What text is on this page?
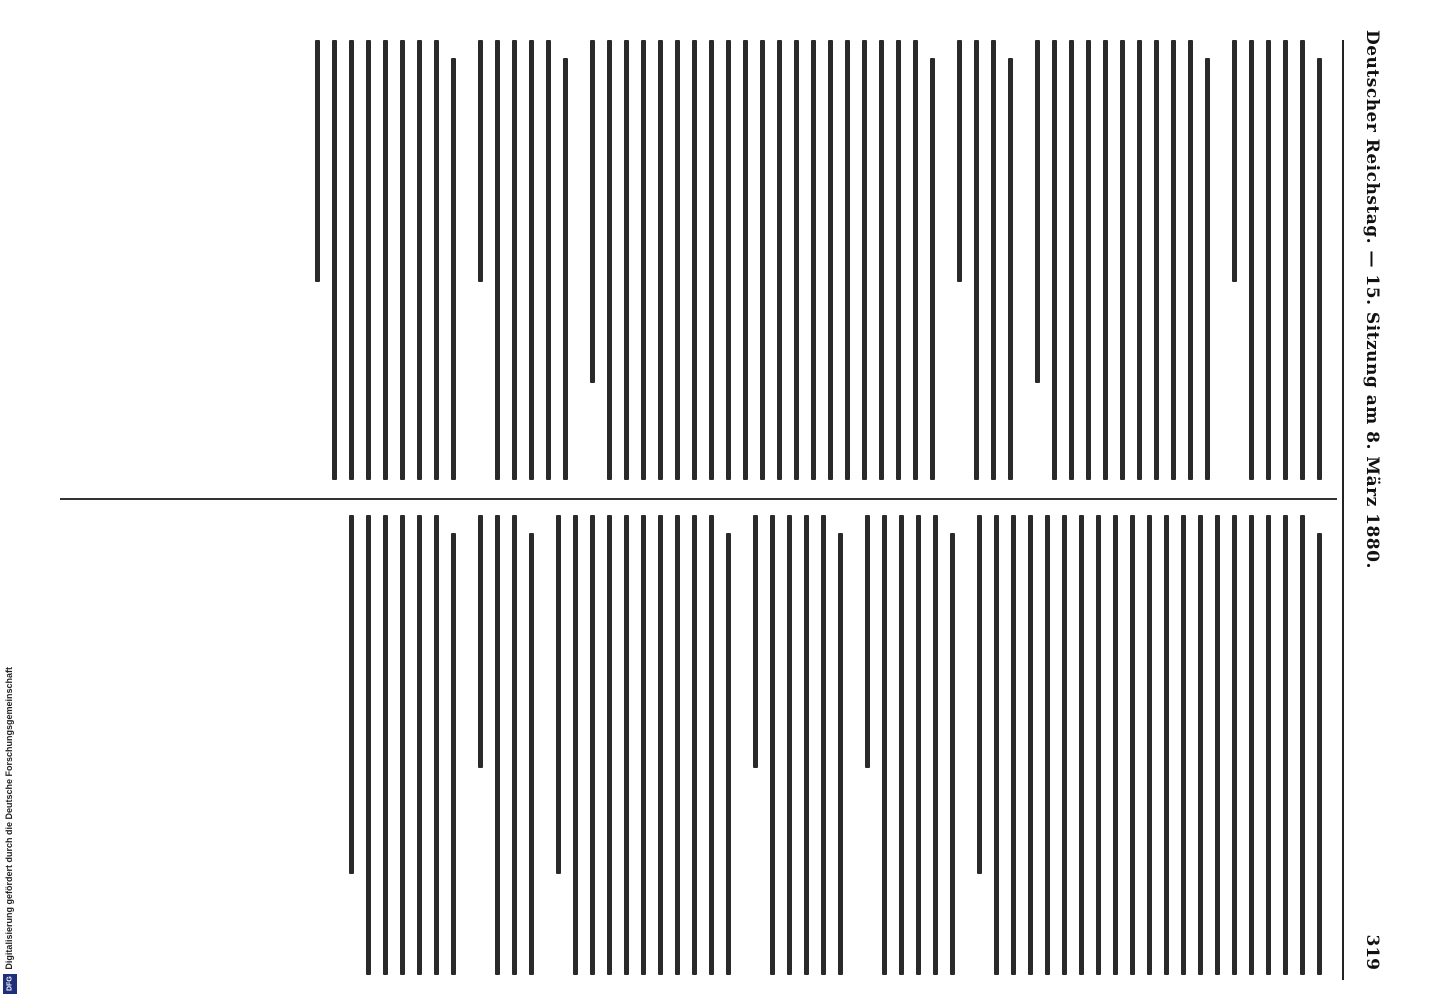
Digitalisierung gefördert durch die Deutsche Forschungsgemeinschaft
DFG
Deutscher Reichstag. — 15. Sitzung am 8. März 1880.
319
